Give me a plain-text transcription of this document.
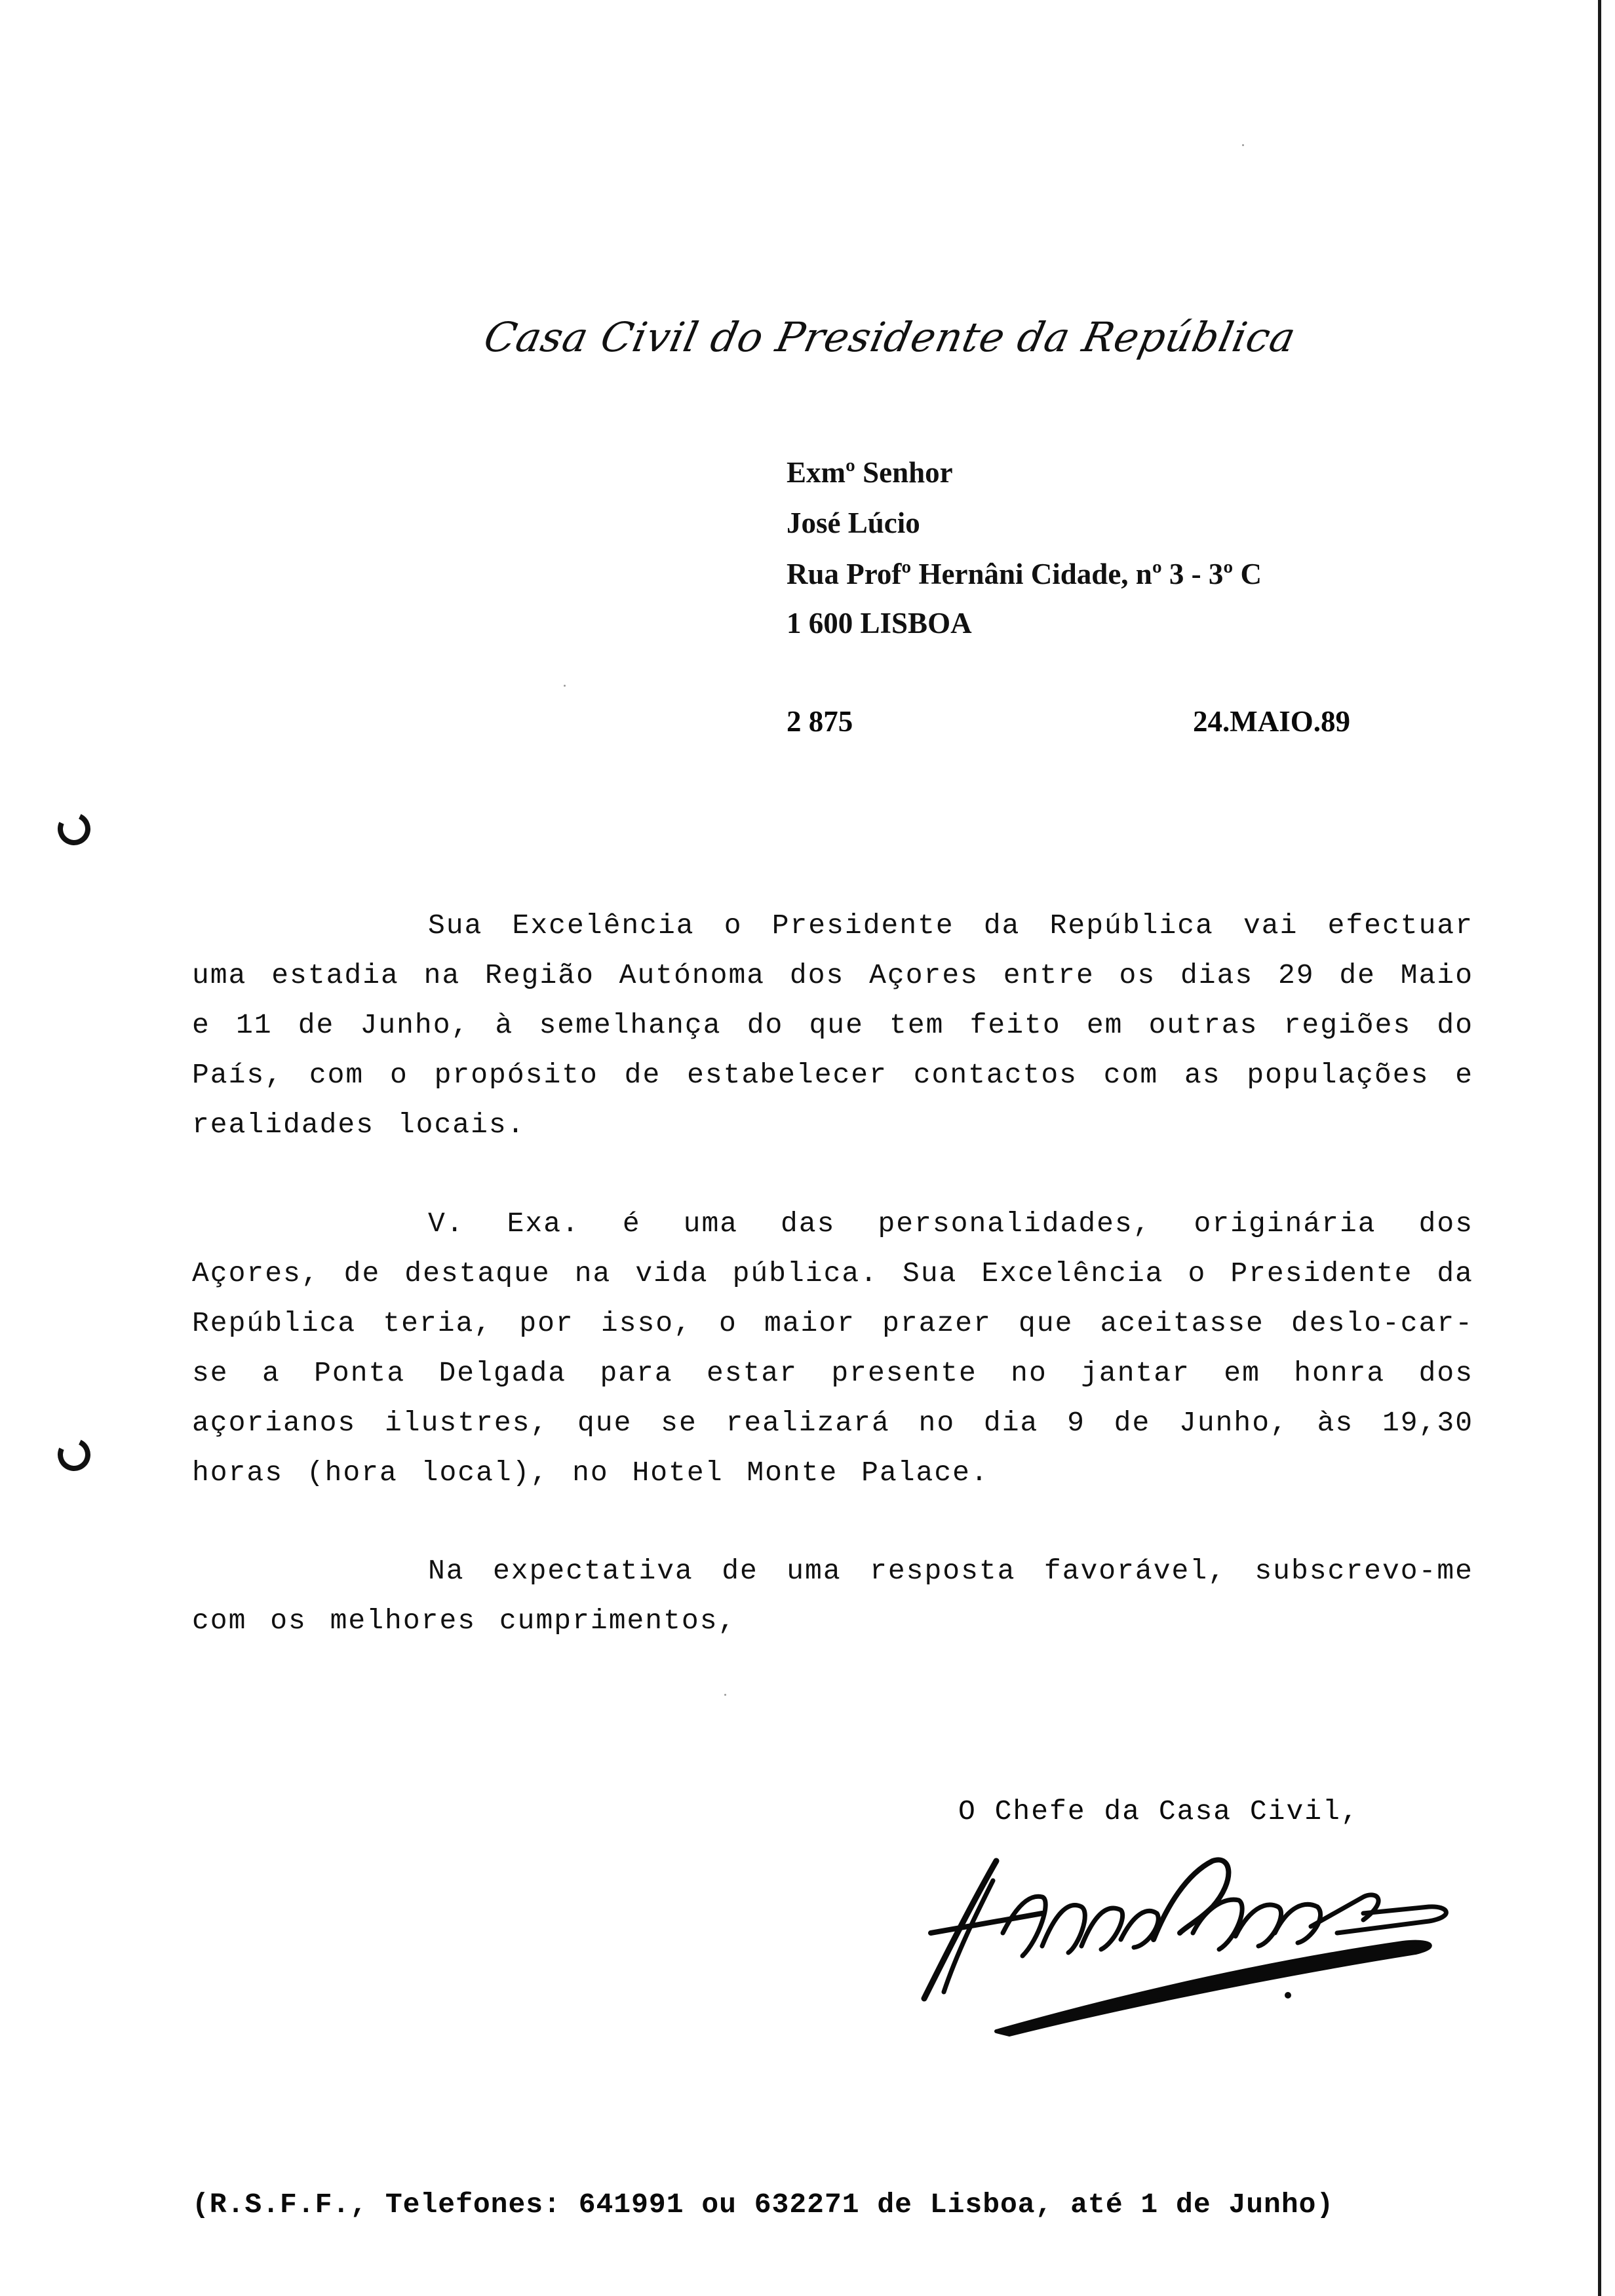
Casa Civil do Presidente da República
Exmº Senhor
José Lúcio
Rua Profº Hernâni Cidade, nº 3 - 3º C
1 600 LISBOA
2 875	24.MAIO.89
Sua Excelência o Presidente da República vai efectuar uma estadia na Região Autónoma dos Açores entre os dias 29 de Maio e 11 de Junho, à semelhança do que tem feito em outras regiões do País, com o propósito de estabelecer contactos com as populações e realidades locais.
V. Exa. é uma das personalidades, originária dos Açores, de destaque na vida pública. Sua Excelência o Presidente da República teria, por isso, o maior prazer que aceitasse deslo-car-se a Ponta Delgada para estar presente no jantar em honra dos açorianos ilustres, que se realizará no dia 9 de Junho, às 19,30 horas (hora local), no Hotel Monte Palace.
Na expectativa de uma resposta favorável, subscrevo-me com os melhores cumprimentos,
O Chefe da Casa Civil,
(R.S.F.F., Telefones: 641991 ou 632271 de Lisboa, até 1 de Junho)
